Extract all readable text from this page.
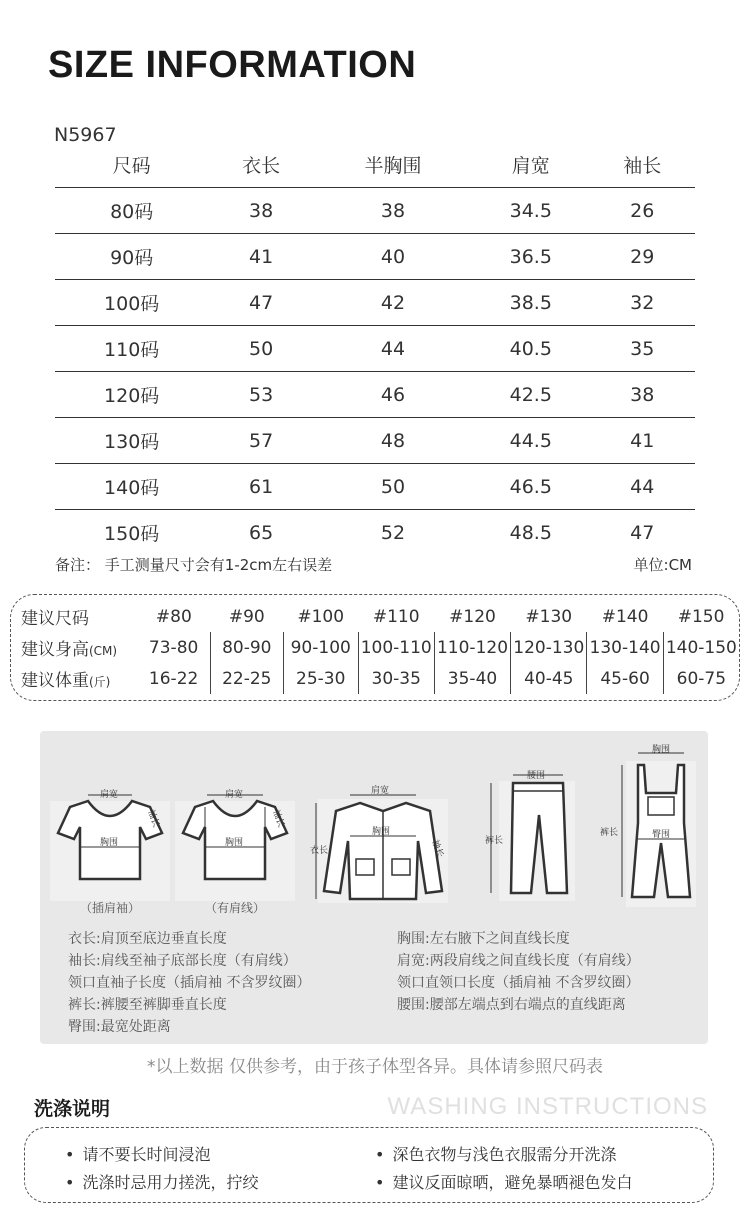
SIZE INFORMATION
N5967
尺码	衣长	半胸围	肩宽	袖长
80码	38	38	34.5	26
90码	41	40	36.5	29
100码	47	42	38.5	32
110码	50	44	40.5	35
120码	53	46	42.5	38
130码	57	48	44.5	41
140码	61	50	46.5	44
150码	65	52	48.5	47
备注： 手工测量尺寸会有1-2cm左右误差	单位:CM
建议尺码	#80	#90	#100	#110	#120	#130	#140	#150
建议身高(CM)	73-80	80-90	90-100	100-110	110-120	120-130	130-140	140-150
建议体重(斤)	16-22	22-25	25-30	30-35	35-40	40-45	45-60	60-75
肩宽
胸围
袖长
（插肩袖）
肩宽
胸围
袖长
（有肩线）
肩宽
胸围
衣长	袖长
腰围
裤长
胸围
臀围
裤长
衣长:肩顶至底边垂直长度
袖长:肩线至袖子底部长度（有肩线）
领口直袖子长度（插肩袖 不含罗纹圈）
裤长:裤腰至裤脚垂直长度
臀围:最宽处距离
胸围:左右腋下之间直线长度
肩宽:两段肩线之间直线长度（有肩线）
领口直领口长度（插肩袖 不含罗纹圈）
腰围:腰部左端点到右端点的直线距离
*以上数据 仅供参考，由于孩子体型各异。具体请参照尺码表
洗涤说明	WASHING INSTRUCTIONS
• 请不要长时间浸泡	• 深色衣物与浅色衣服需分开洗涤
• 洗涤时忌用力搓洗，拧绞	• 建议反面晾晒，避免暴晒褪色发白
